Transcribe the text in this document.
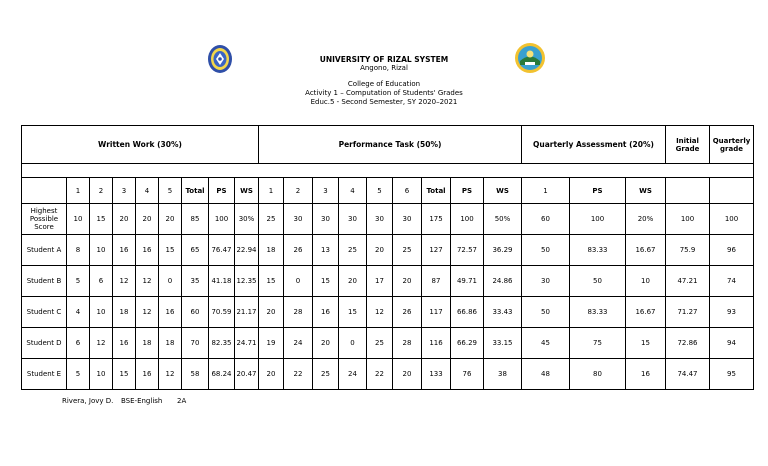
UNIVERSITY OF RIZAL SYSTEM
Angono, Rizal
College of Education
Activity 1 – Computation of Students' Grades
Educ.5 - Second Semester, SY 2020–2021
Written Work (30%)									Performance Task (50%)									Quarterly Assessment (20%)			Initial Grade	Quarterly grade

	1	2	3	4	5	Total	PS	WS	1	2	3	4	5	6	Total	PS	WS	1	PS	WS		
Highest Possible Score	10	15	20	20	20	85	100	30%	25	30	30	30	30	30	175	100	50%	60	100	20%	100	100
Student A	8	10	16	16	15	65	76.47	22.94	18	26	13	25	20	25	127	72.57	36.29	50	83.33	16.67	75.9	96
Student B	5	6	12	12	0	35	41.18	12.35	15	0	15	20	17	20	87	49.71	24.86	30	50	10	47.21	74
Student C	4	10	18	12	16	60	70.59	21.17	20	28	16	15	12	26	117	66.86	33.43	50	83.33	16.67	71.27	93
Student D	6	12	16	18	18	70	82.35	24.71	19	24	20	0	25	28	116	66.29	33.15	45	75	15	72.86	94
Student E	5	10	15	16	12	58	68.24	20.47	20	22	25	24	22	20	133	76	38	48	80	16	74.47	95
Rivera, Jovy D. BSE-English 2A
